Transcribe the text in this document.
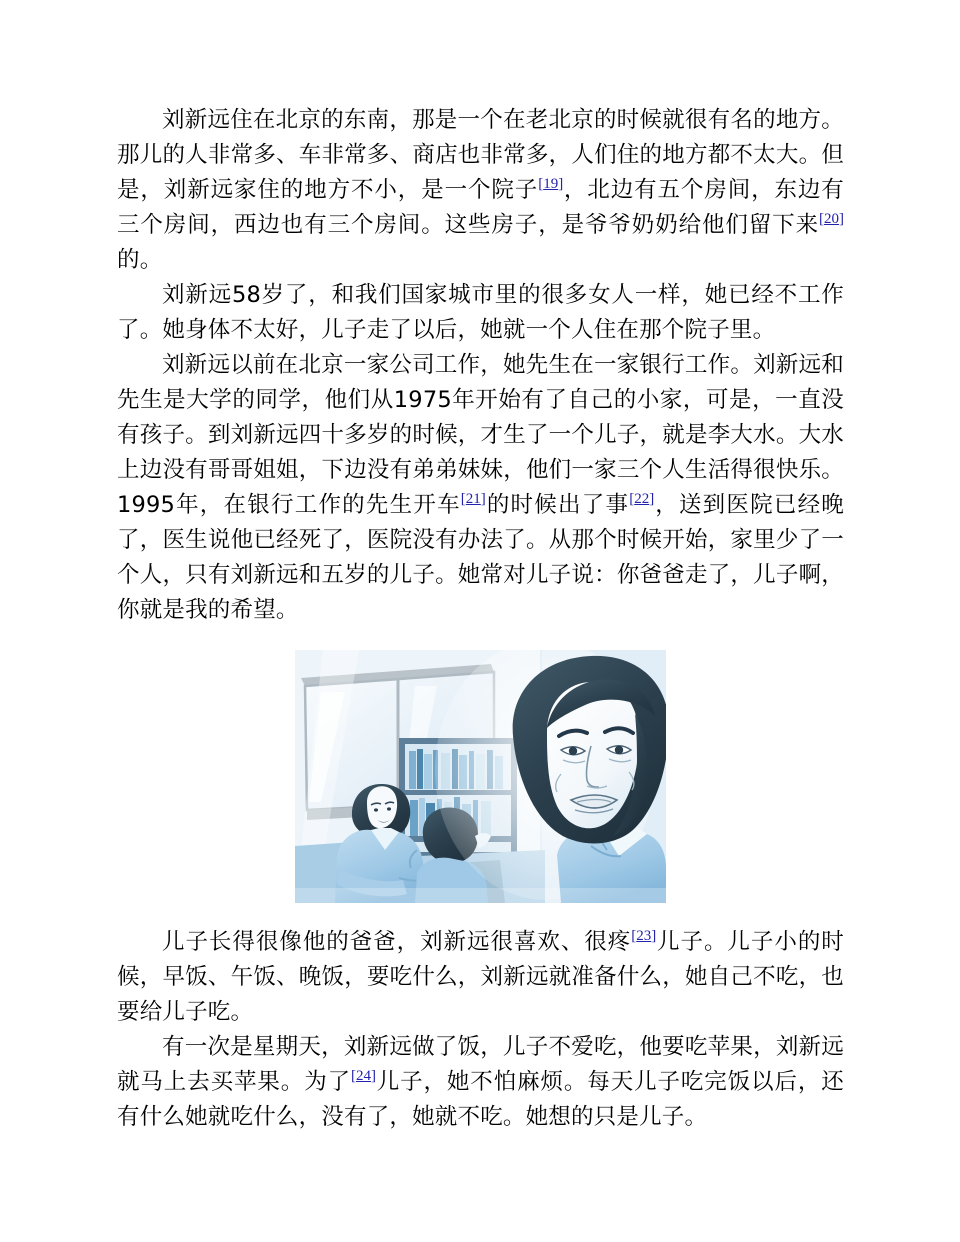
刘新远住在北京的东南，那是一个在老北京的时候就很有名的地方。那儿的人非常多、车非常多、商店也非常多，人们住的地方都不太大。但是，刘新远家住的地方不小，是一个院子[19]，北边有五个房间，东边有三个房间，西边也有三个房间。这些房子，是爷爷奶奶给他们留下来[20]的。

刘新远58岁了，和我们国家城市里的很多女人一样，她已经不工作了。她身体不太好，儿子走了以后，她就一个人住在那个院子里。

刘新远以前在北京一家公司工作，她先生在一家银行工作。刘新远和先生是大学的同学，他们从1975年开始有了自己的小家，可是，一直没有孩子。到刘新远四十多岁的时候，才生了一个儿子，就是李大水。大水上边没有哥哥姐姐，下边没有弟弟妹妹，他们一家三个人生活得很快乐。1995年，在银行工作的先生开车[21]的时候出了事[22]，送到医院已经晚了，医生说他已经死了，医院没有办法了。从那个时候开始，家里少了一个人，只有刘新远和五岁的儿子。她常对儿子说：你爸爸走了，儿子啊，你就是我的希望。

儿子长得很像他的爸爸，刘新远很喜欢、很疼[23]儿子。儿子小的时候，早饭、午饭、晚饭，要吃什么，刘新远就准备什么，她自己不吃，也要给儿子吃。

有一次是星期天，刘新远做了饭，儿子不爱吃，他要吃苹果，刘新远就马上去买苹果。为了[24]儿子，她不怕麻烦。每天儿子吃完饭以后，还有什么她就吃什么，没有了，她就不吃。她想的只是儿子。
